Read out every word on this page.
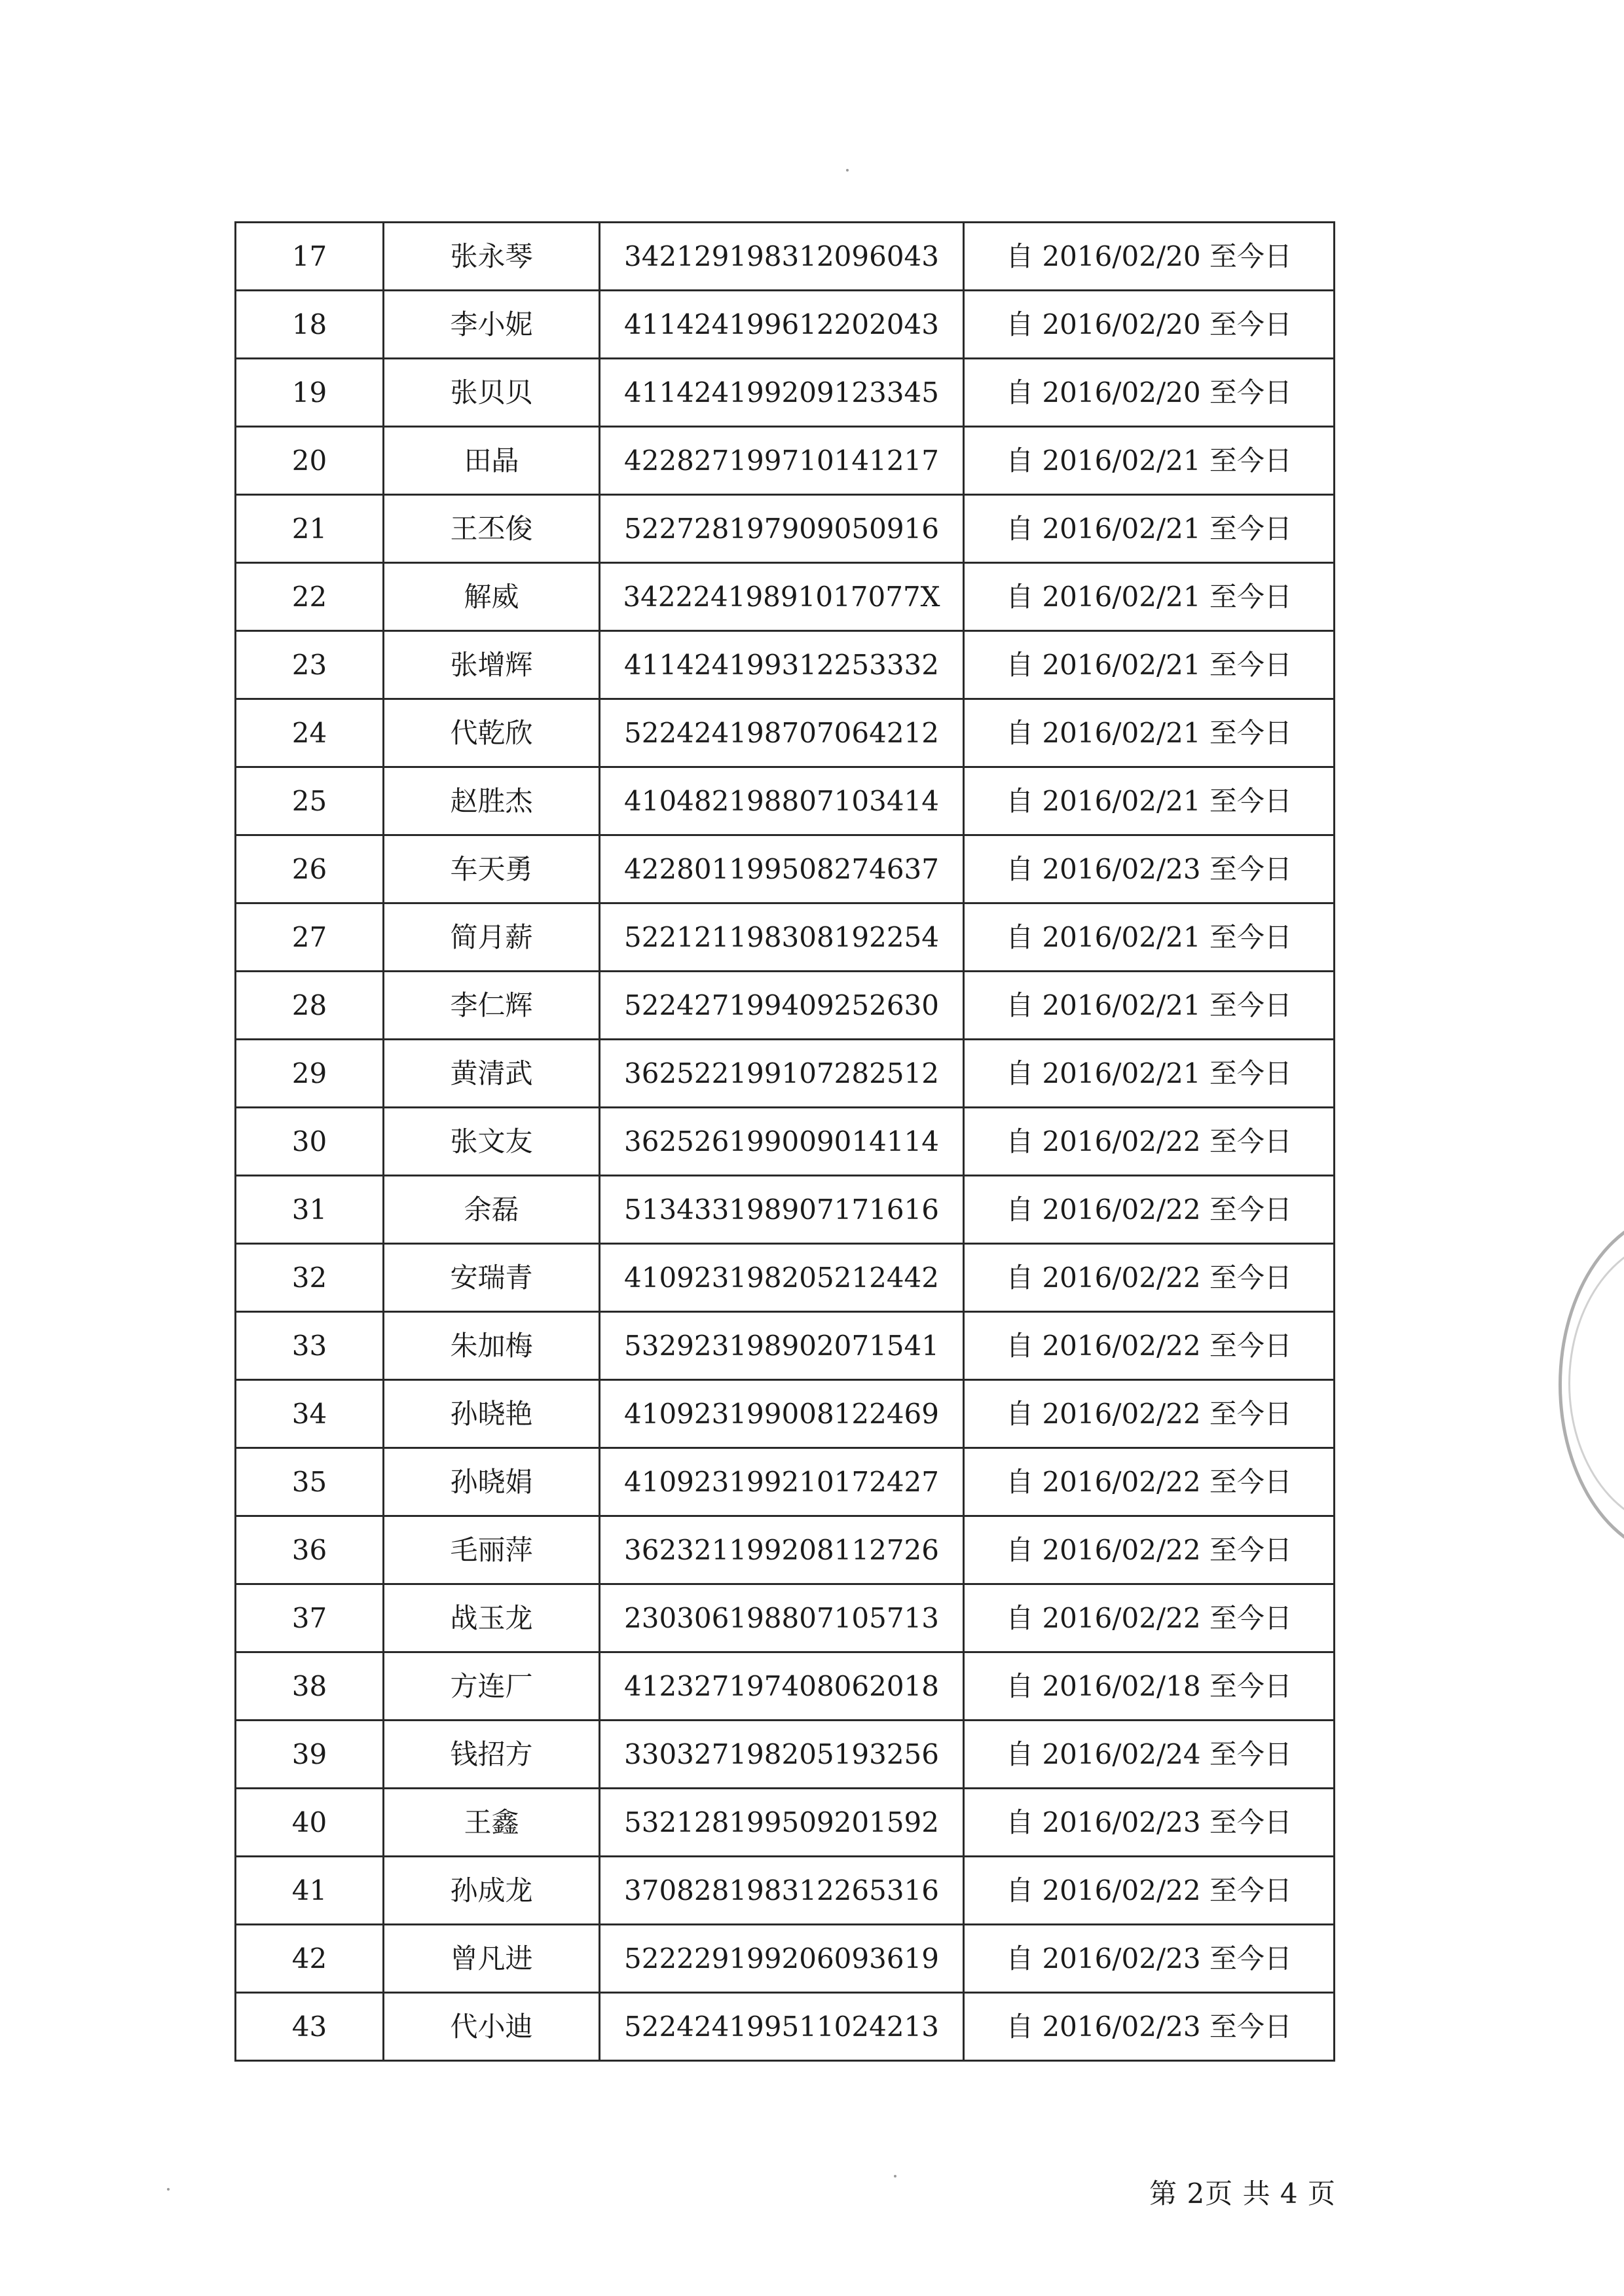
17	张永琴	342129198312096043	自 2016/02/20 至今日
18	李小妮	411424199612202043	自 2016/02/20 至今日
19	张贝贝	411424199209123345	自 2016/02/20 至今日
20	田晶	422827199710141217	自 2016/02/21 至今日
21	王丕俊	522728197909050916	自 2016/02/21 至今日
22	解威	34222419891017077X	自 2016/02/21 至今日
23	张增辉	411424199312253332	自 2016/02/21 至今日
24	代乾欣	522424198707064212	自 2016/02/21 至今日
25	赵胜杰	410482198807103414	自 2016/02/21 至今日
26	车天勇	422801199508274637	自 2016/02/23 至今日
27	简月薪	522121198308192254	自 2016/02/21 至今日
28	李仁辉	522427199409252630	自 2016/02/21 至今日
29	黄清武	362522199107282512	自 2016/02/21 至今日
30	张文友	362526199009014114	自 2016/02/22 至今日
31	余磊	513433198907171616	自 2016/02/22 至今日
32	安瑞青	410923198205212442	自 2016/02/22 至今日
33	朱加梅	532923198902071541	自 2016/02/22 至今日
34	孙晓艳	410923199008122469	自 2016/02/22 至今日
35	孙晓娟	410923199210172427	自 2016/02/22 至今日
36	毛丽萍	362321199208112726	自 2016/02/22 至今日
37	战玉龙	230306198807105713	自 2016/02/22 至今日
38	方连厂	412327197408062018	自 2016/02/18 至今日
39	钱招方	330327198205193256	自 2016/02/24 至今日
40	王鑫	532128199509201592	自 2016/02/23 至今日
41	孙成龙	370828198312265316	自 2016/02/22 至今日
42	曾凡进	522229199206093619	自 2016/02/23 至今日
43	代小迪	522424199511024213	自 2016/02/23 至今日
第 2页 共 4 页
